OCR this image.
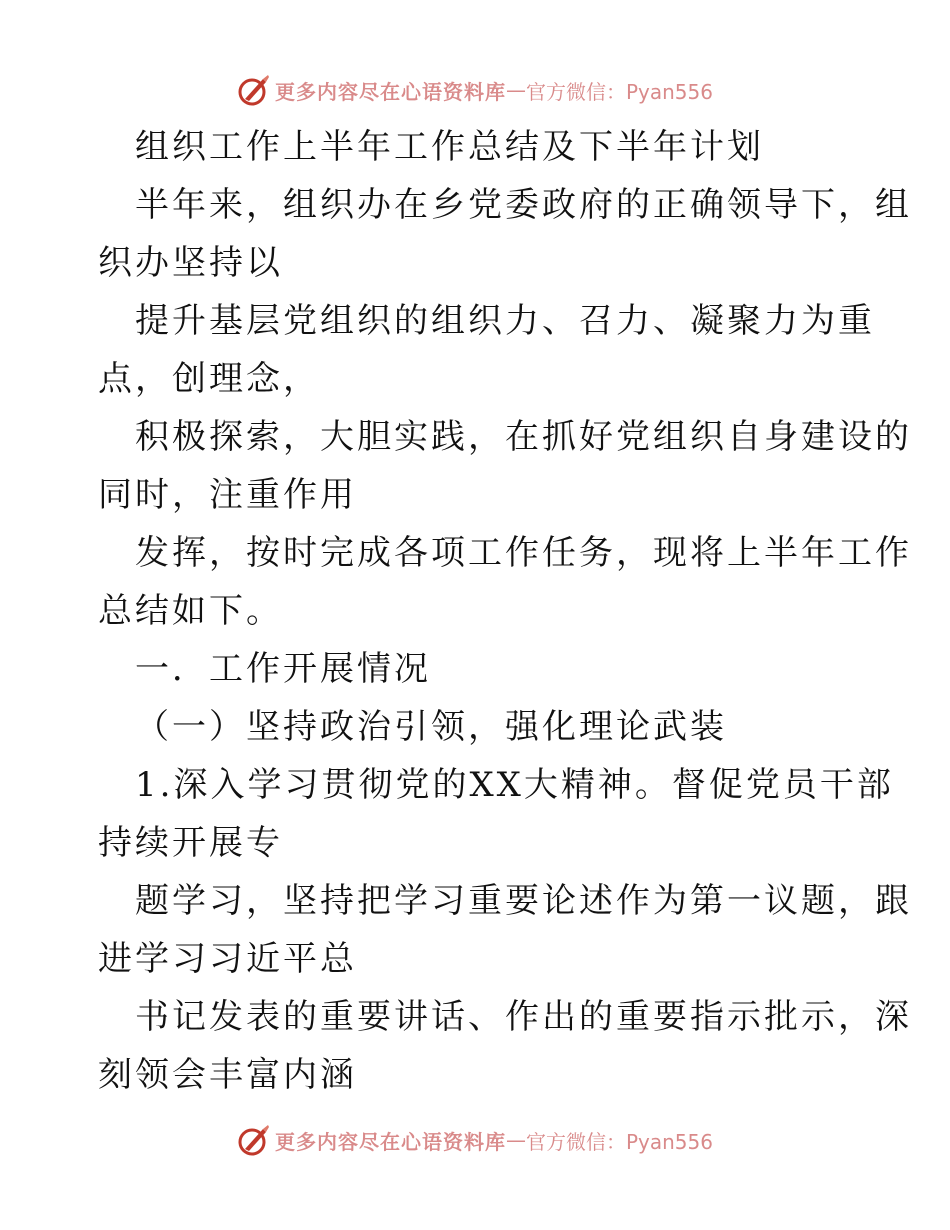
更多内容尽在心语资料库 — 官方微信：Pyan556
组织工作上半年工作总结及下半年计划
半年来，组织办在乡党委政府的正确领导下，组
织办坚持以
提升基层党组织的组织力、召力、凝聚力为重
点，创理念，
积极探索，大胆实践，在抓好党组织自身建设的
同时，注重作用
发挥，按时完成各项工作任务，现将上半年工作
总结如下。
一．工作开展情况
（一）坚持政治引领，强化理论武装
1.深入学习贯彻党的XX大精神。督促党员干部
持续开展专
题学习，坚持把学习重要论述作为第一议题，跟
进学习习近平总
书记发表的重要讲话、作出的重要指示批示，深
刻领会丰富内涵
更多内容尽在心语资料库 — 官方微信：Pyan556
